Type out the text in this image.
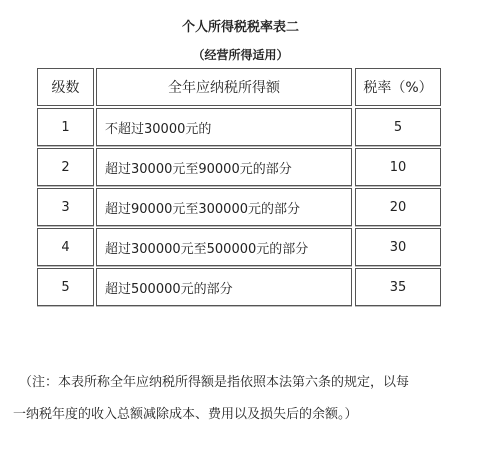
个人所得税税率表二
（经营所得适用）
级数	全年应纳税所得额	税率（%）
1	不超过30000元的	5
2	超过30000元至90000元的部分	10
3	超过90000元至300000元的部分	20
4	超过300000元至500000元的部分	30
5	超过500000元的部分	35
（注：本表所称全年应纳税所得额是指依照本法第六条的规定，以每
一纳税年度的收入总额减除成本、费用以及损失后的余额。）
